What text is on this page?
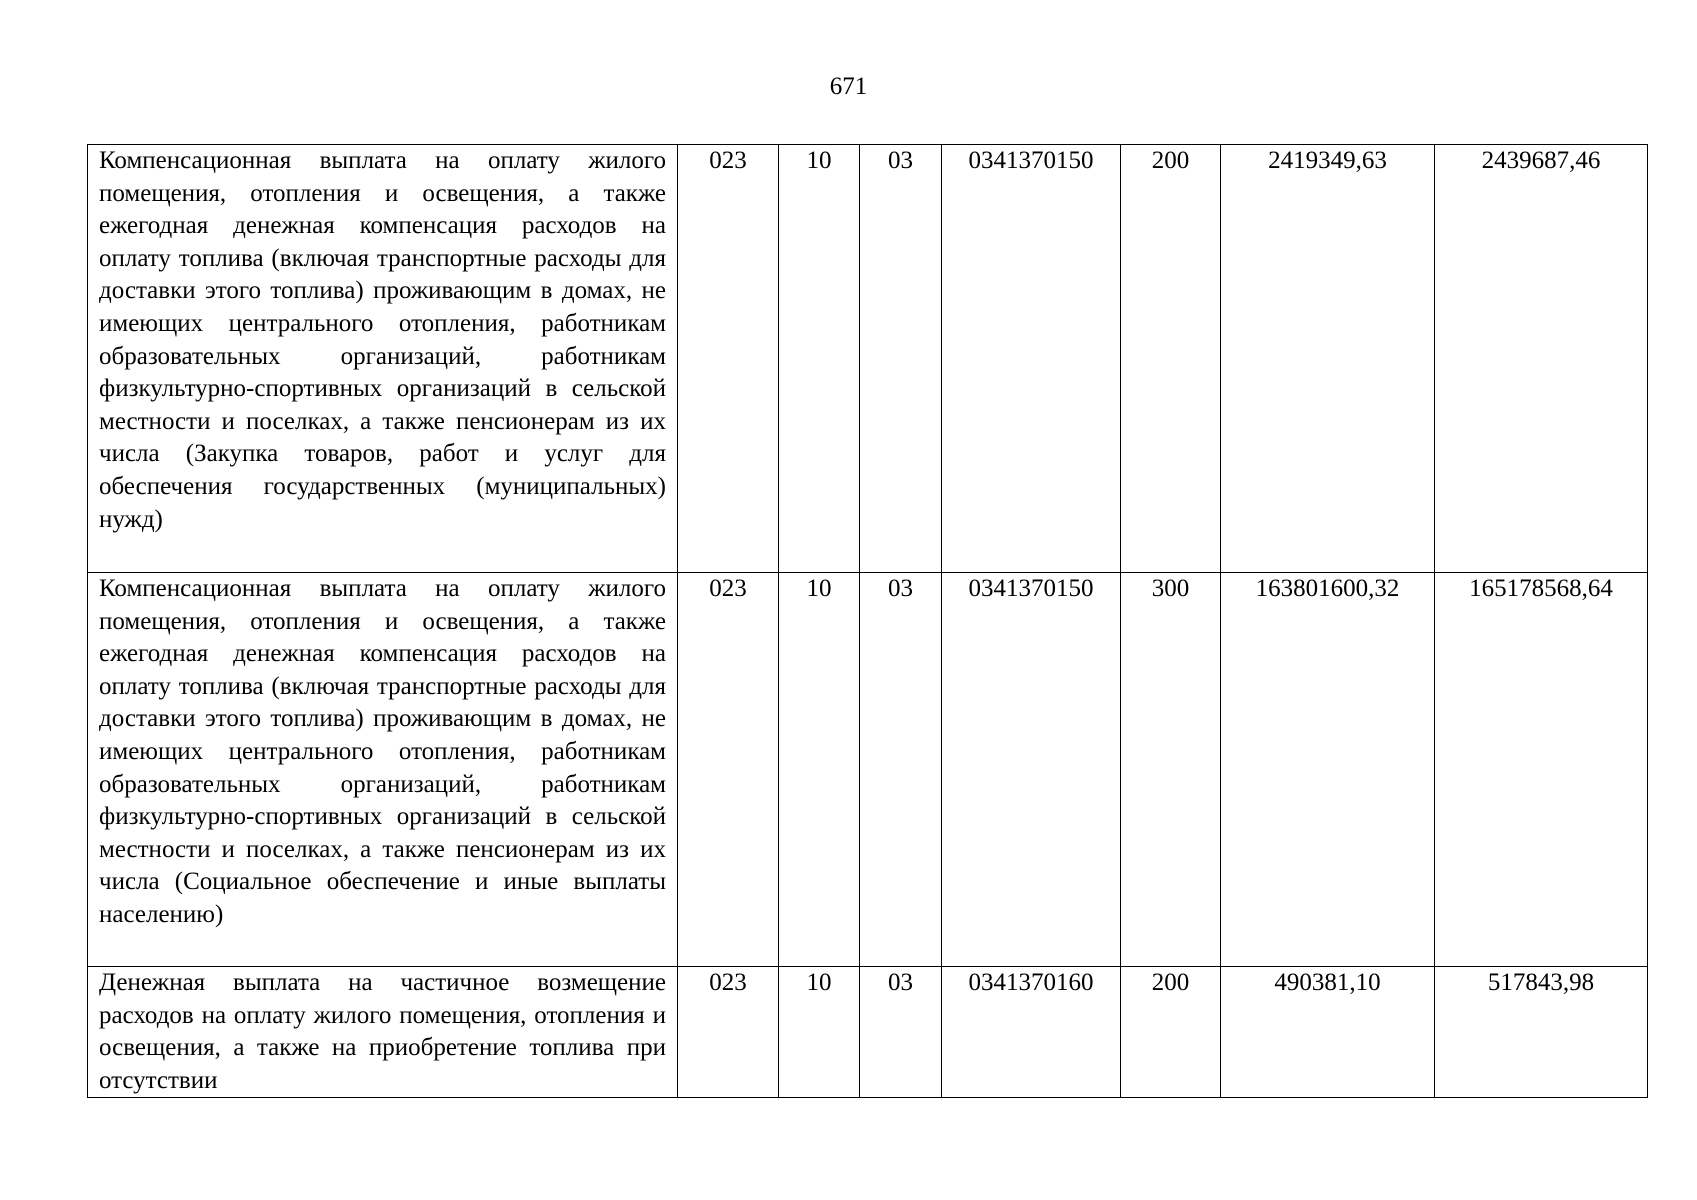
671
Компенсационная выплата на оплату жилого помещения, отопления и освещения, а также ежегодная денежная компенсация расходов на оплату топлива (включая транспортные расходы для доставки этого топлива) проживающим в домах, не имеющих центрального отопления, работникам образовательных организаций, работникам физкультурно-спортивных организаций в сельской местности и поселках, а также пенсионерам из их числа (Закупка товаров, работ и услуг для обеспечения государственных (муниципальных) нужд)	023	10	03	0341370150	200	2419349,63	2439687,46
Компенсационная выплата на оплату жилого помещения, отопления и освещения, а также ежегодная денежная компенсация расходов на оплату топлива (включая транспортные расходы для доставки этого топлива) проживающим в домах, не имеющих центрального отопления, работникам образовательных организаций, работникам физкультурно-спортивных организаций в сельской местности и поселках, а также пенсионерам из их числа (Социальное обеспечение и иные выплаты населению)	023	10	03	0341370150	300	163801600,32	165178568,64
Денежная выплата на частичное возмещение расходов на оплату жилого помещения, отопления и освещения, а также на приобретение топлива при отсутствии	023	10	03	0341370160	200	490381,10	517843,98
